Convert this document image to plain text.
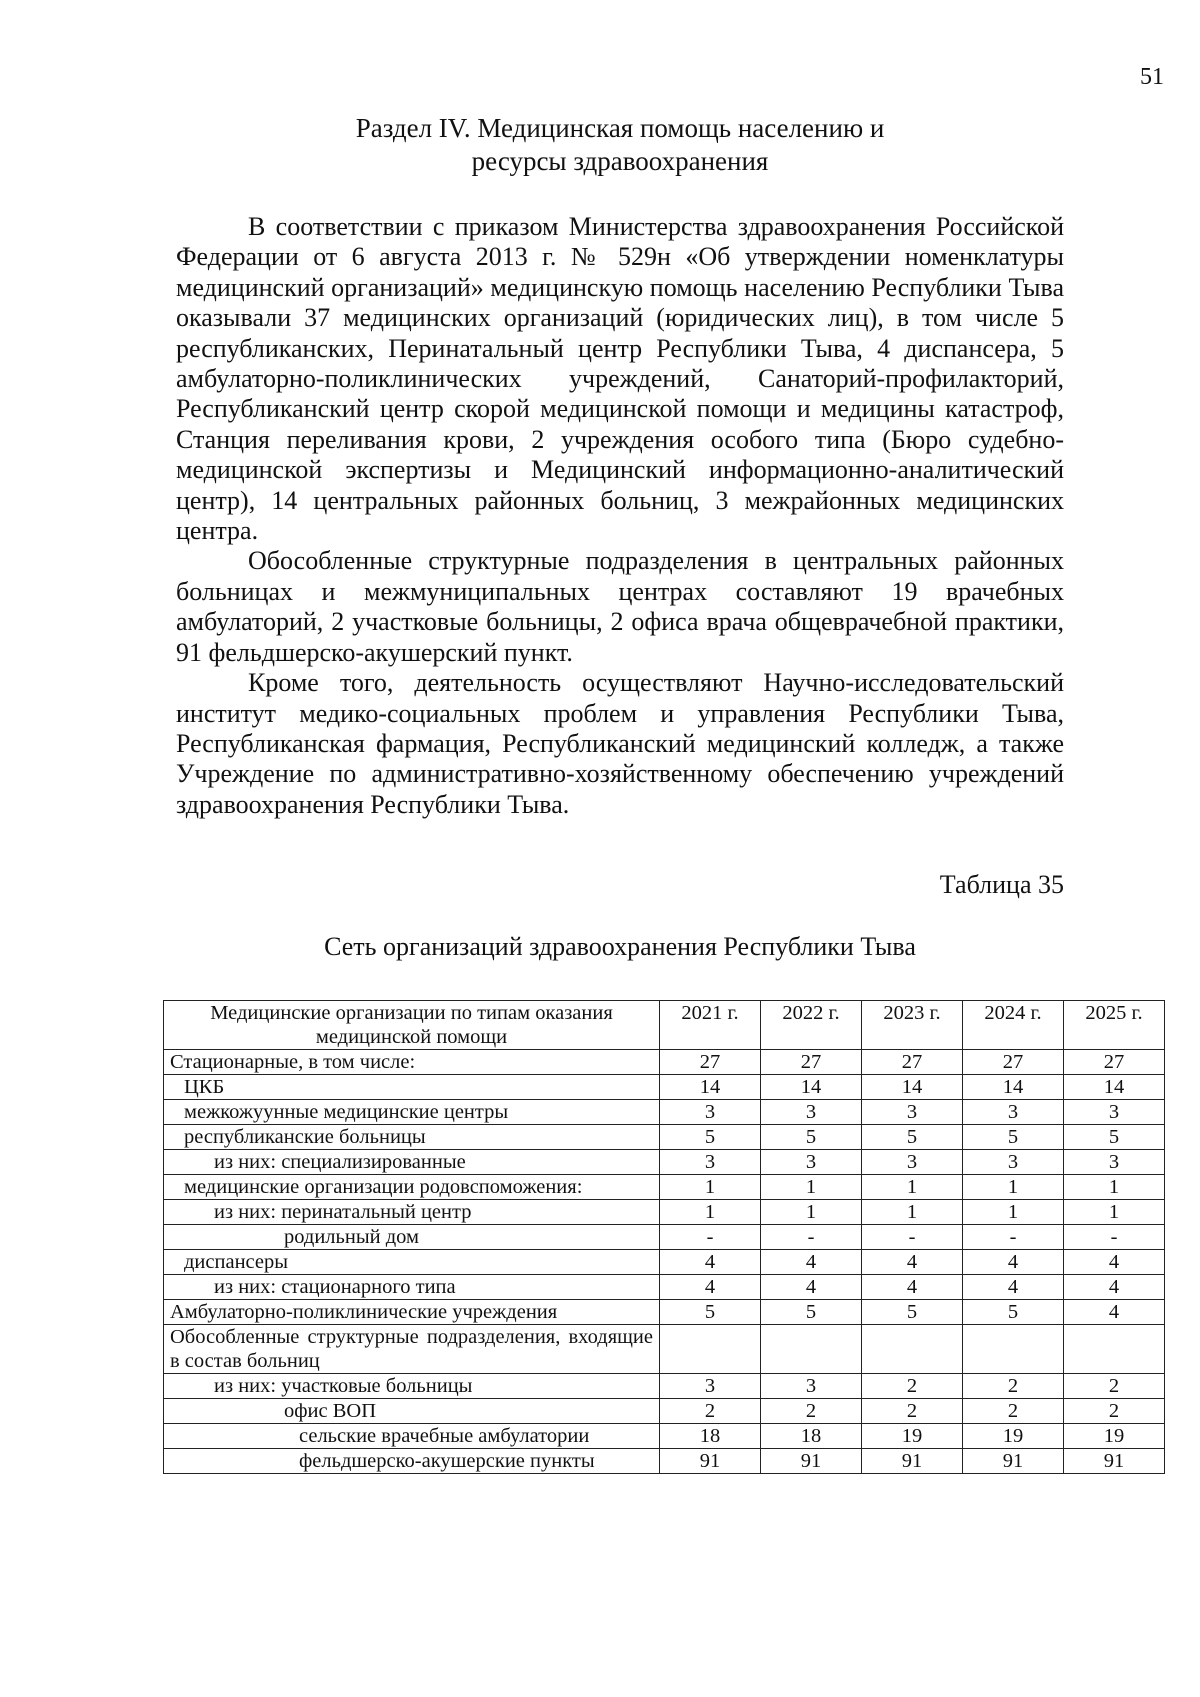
51
Раздел IV. Медицинская помощь населению и
ресурсы здравоохранения

В соответствии с приказом Министерства здравоохранения Российской Федерации от 6 августа 2013 г. № 529н «Об утверждении номенклатуры медицинский организаций» медицинскую помощь населению Республики Тыва оказывали 37 медицинских организаций (юридических лиц), в том числе 5 республиканских, Перинатальный центр Республики Тыва, 4 диспансера, 5 амбулаторно-поликлинических учреждений, Санаторий-профилакторий, Республиканский центр скорой медицинской помощи и медицины катастроф, Станция переливания крови, 2 учреждения особого типа (Бюро судебно-медицинской экспертизы и Медицинский информационно-аналитический центр), 14 центральных районных больниц, 3 межрайонных медицинских центра.

Обособленные структурные подразделения в центральных районных больницах и межмуниципальных центрах составляют 19 врачебных амбулаторий, 2 участковые больницы, 2 офиса врача общеврачебной практики, 91 фельдшерско-акушерский пункт.

Кроме того, деятельность осуществляют Научно-исследовательский институт медико-социальных проблем и управления Республики Тыва, Республиканская фармация, Республиканский медицинский колледж, а также Учреждение по административно-хозяйственному обеспечению учреждений здравоохранения Республики Тыва.

Таблица 35
Сеть организаций здравоохранения Республики Тыва
Медицинские организации по типам оказания медицинской помощи	2021 г.	2022 г.	2023 г.	2024 г.	2025 г.
Стационарные, в том числе:	27	27	27	27	27
ЦКБ	14	14	14	14	14
межкожуунные медицинские центры	3	3	3	3	3
республиканские больницы	5	5	5	5	5
из них: специализированные	3	3	3	3	3
медицинские организации родовспоможения:	1	1	1	1	1
из них: перинатальный центр	1	1	1	1	1
родильный дом	-	-	-	-	-
диспансеры	4	4	4	4	4
из них: стационарного типа	4	4	4	4	4
Амбулаторно-поликлинические учреждения	5	5	5	5	4
Обособленные структурные подразделения, входящие в состав больниц					
из них: участковые больницы	3	3	2	2	2
офис ВОП	2	2	2	2	2
сельские врачебные амбулатории	18	18	19	19	19
фельдшерско-акушерские пункты	91	91	91	91	91
